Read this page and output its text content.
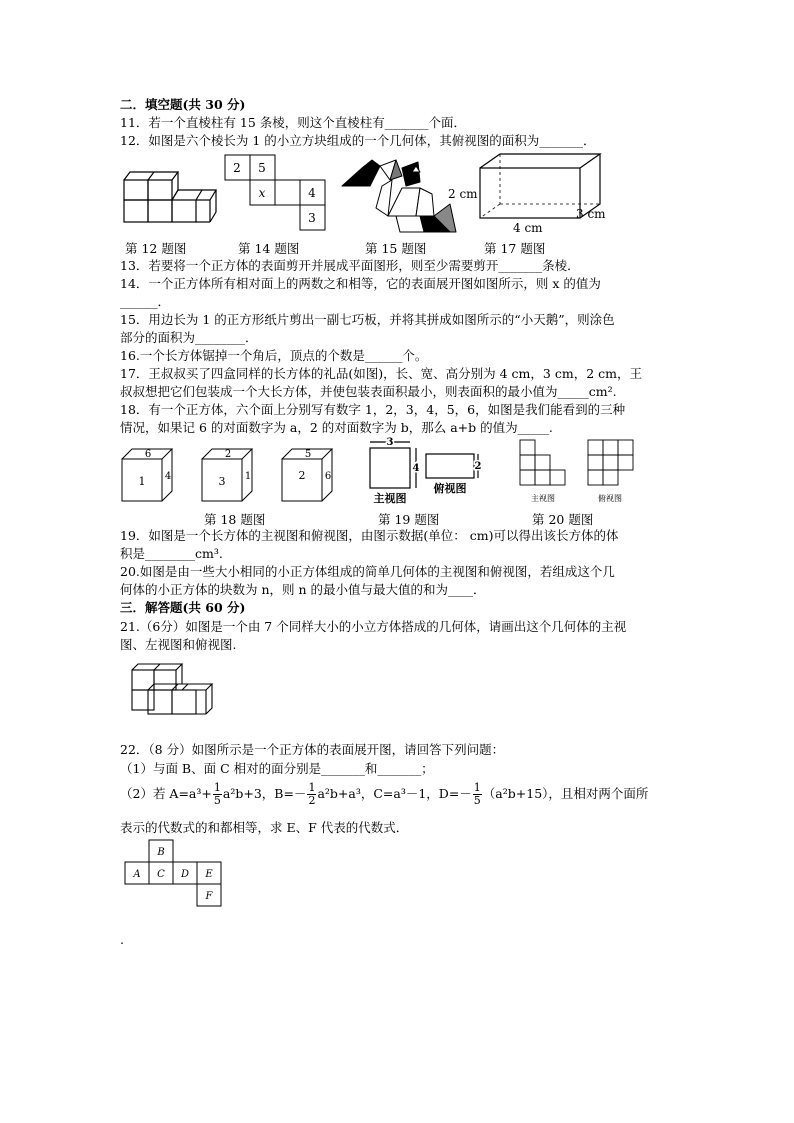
二．填空题(共 30 分)
11．若一个直棱柱有 15 条棱，则这个直棱柱有_______个面．
12．如图是六个棱长为 1 的小立方块组成的一个几何体，其俯视图的面积为_______．
第 12 题图
2 5
x	4
3
第 14 题图	第 15 题图
2 cm
4 cm
3 cm
第 17 题图
13．若要将一个正方体的表面剪开并展成平面图形，则至少需要剪开_______条棱．
14．一个正方体所有相对面上的两数之和相等，它的表面展开图如图所示，则 x 的值为
______．
15．用边长为 1 的正方形纸片剪出一副七巧板，并将其拼成如图所示的“小天鹅”，则涂色
部分的面积为________．
16.一个长方体锯掉一个角后，顶点的个数是______个。
17．王叔叔买了四盒同样的长方体的礼品(如图)，长、宽、高分别为 4 cm，3 cm，2 cm，王
叔叔想把它们包装成一个大长方体，并使包装表面积最小，则表面积的最小值为_____cm².
18．有一个正方体，六个面上分别写有数字 1，2，3，4，5，6，如图是我们能看到的三种
情况，如果记 6 的对面数字为 a，2 的对面数字为 b，那么 a+b 的值为_____.
6
1 4
2
3 1
5
2 6
第 18 题图
3
4	2
主视图
俯视图
第 19 题图
主视图	俯视图
第 20 题图
19．如图是一个长方体的主视图和俯视图，由图示数据(单位： cm)可以得出该长方体的体
积是________cm³.
20.如图是由一些大小相同的小正方体组成的简单几何体的主视图和俯视图，若组成这个几
何体的小正方体的块数为 n，则 n 的最小值与最大值的和为____．
三．解答题(共 60 分)
21.（6分）如图是一个由 7 个同样大小的小立方体搭成的几何体，请画出这个几何体的主视
图、左视图和俯视图.
22．（8 分）如图所示是一个正方体的表面展开图，请回答下列问题：
（1）与面 B、面 C 相对的面分别是_______和_______；
（2）若 $A=a^3+ \frac{1}{5} a^2b+3$，$B=- \frac{1}{2} a^2b+a^3$，C=a³－1，$D=- \frac{1}{5} (a^2b+15)$，且相对两个面所
表示的代数式的和都相等，求 E、F 代表的代数式．
B
A C D E
F
.
